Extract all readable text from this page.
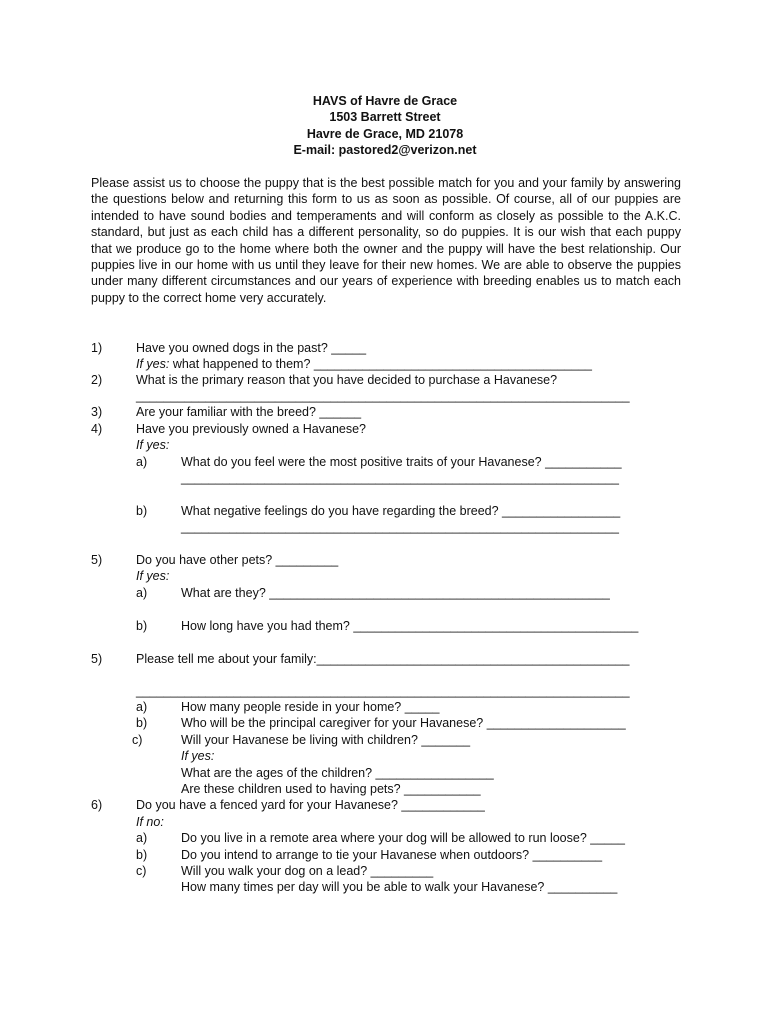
HAVS of Havre de Grace
1503 Barrett Street
Havre de Grace, MD 21078
E-mail: pastored2@verizon.net

Please assist us to choose the puppy that is the best possible match for you and your family by answering the questions below and returning this form to us as soon as possible. Of course, all of our puppies are intended to have sound bodies and temperaments and will conform as closely as possible to the A.K.C. standard, but just as each child has a different personality, so do puppies. It is our wish that each puppy that we produce go to the home where both the owner and the puppy will have the best relationship. Our puppies live in our home with us until they leave for their new homes. We are able to observe the puppies under many different circumstances and our years of experience with breeding enables us to match each puppy to the correct home very accurately.

1)	Have you owned dogs in the past? _____
If yes: what happened to them? ________________________________________
2)	What is the primary reason that you have decided to purchase a Havanese?
_______________________________________________________________________
3)	Are your familiar with the breed? ______
4)	Have you previously owned a Havanese?
If yes:
a)	What do you feel were the most positive traits of your Havanese? ___________
_______________________________________________________________
b)	What negative feelings do you have regarding the breed? _________________
_______________________________________________________________
5)	Do you have other pets? _________
If yes:
a)	What are they? _________________________________________________
b)	How long have you had them? _________________________________________
5)	Please tell me about your family:_____________________________________________
_______________________________________________________________________
a)	How many people reside in your home? _____
b)	Who will be the principal caregiver for your Havanese? ____________________
c)	Will your Havanese be living with children? _______
If yes:
What are the ages of the children? _________________
Are these children used to having pets? ___________
6)	Do you have a fenced yard for your Havanese? ____________
If no:
a)	Do you live in a remote area where your dog will be allowed to run loose? _____
b)	Do you intend to arrange to tie your Havanese when outdoors? __________
c)	Will you walk your dog on a lead? _________
How many times per day will you be able to walk your Havanese? __________
